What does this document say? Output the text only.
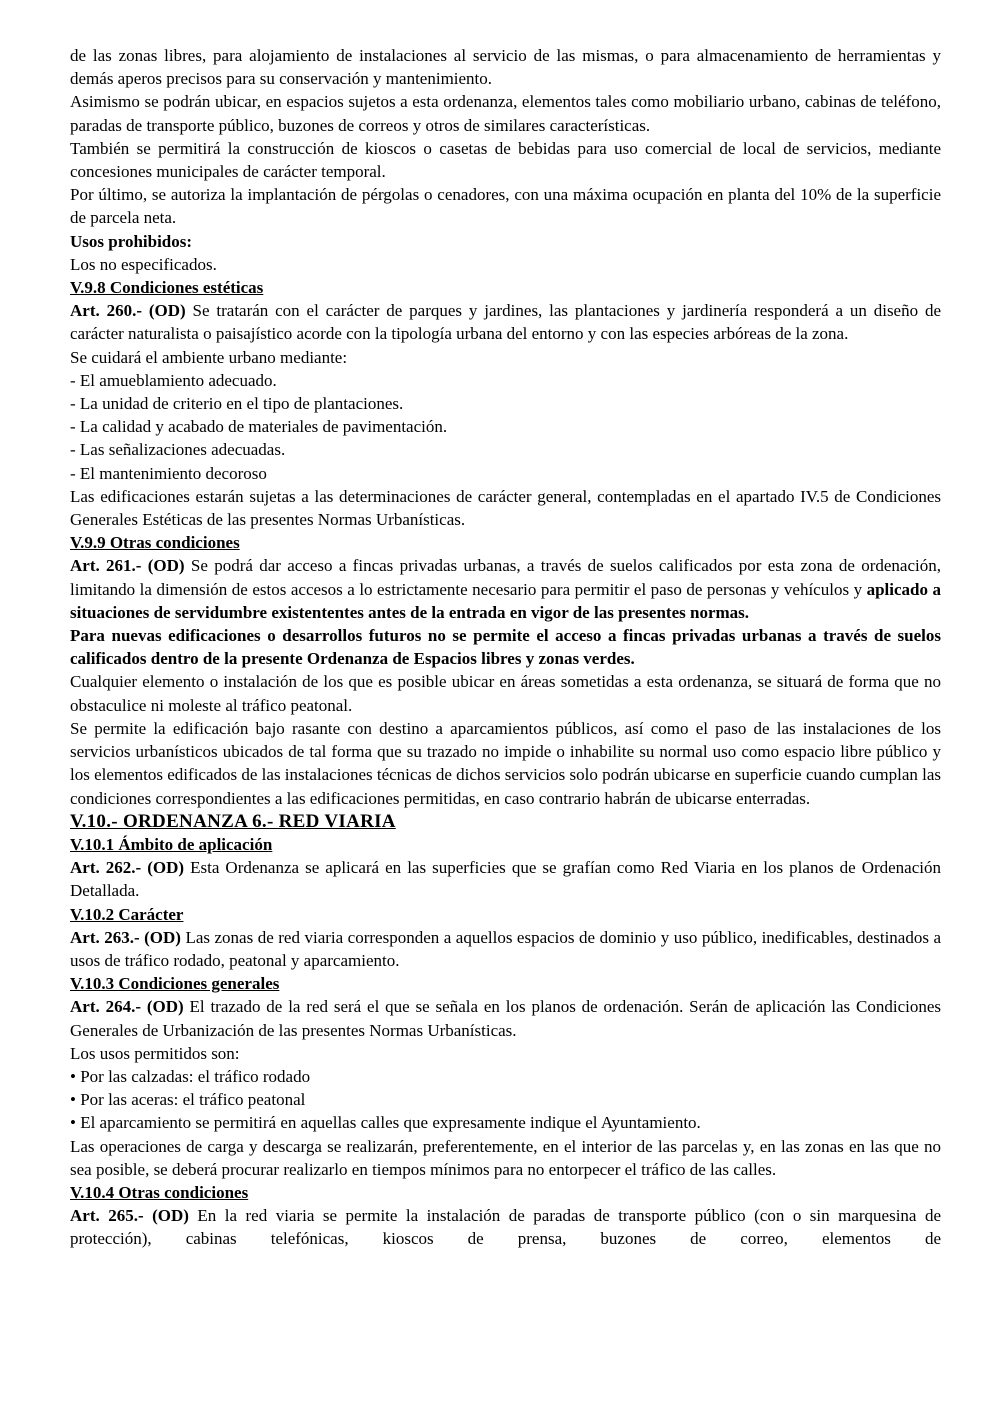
de las zonas libres, para alojamiento de instalaciones al servicio de las mismas, o para almacenamiento de herramientas y demás aperos precisos para su conservación y mantenimiento.

Asimismo se podrán ubicar, en espacios sujetos a esta ordenanza, elementos tales como mobiliario urbano, cabinas de teléfono, paradas de transporte público, buzones de correos y otros de similares características.

También se permitirá la construcción de kioscos o casetas de bebidas para uso comercial de local de servicios, mediante concesiones municipales de carácter temporal.

Por último, se autoriza la implantación de pérgolas o cenadores, con una máxima ocupación en planta del 10% de la superficie de parcela neta.

Usos prohibidos:

Los no especificados.

V.9.8 Condiciones estéticas

Art. 260.- (OD) Se tratarán con el carácter de parques y jardines, las plantaciones y jardinería responderá a un diseño de carácter naturalista o paisajístico acorde con la tipología urbana del entorno y con las especies arbóreas de la zona.

Se cuidará el ambiente urbano mediante:

- El amueblamiento adecuado.

- La unidad de criterio en el tipo de plantaciones.

- La calidad y acabado de materiales de pavimentación.

- Las señalizaciones adecuadas.

- El mantenimiento decoroso

Las edificaciones estarán sujetas a las determinaciones de carácter general, contempladas en el apartado IV.5 de Condiciones Generales Estéticas de las presentes Normas Urbanísticas.

V.9.9 Otras condiciones

Art. 261.- (OD) Se podrá dar acceso a fincas privadas urbanas, a través de suelos calificados por esta zona de ordenación, limitando la dimensión de estos accesos a lo estrictamente necesario para permitir el paso de personas y vehículos y aplicado a situaciones de servidumbre existententes antes de la entrada en vigor de las presentes normas.

Para nuevas edificaciones o desarrollos futuros no se permite el acceso a fincas privadas urbanas a través de suelos calificados dentro de la presente Ordenanza de Espacios libres y zonas verdes.

Cualquier elemento o instalación de los que es posible ubicar en áreas sometidas a esta ordenanza, se situará de forma que no obstaculice ni moleste al tráfico peatonal.

Se permite la edificación bajo rasante con destino a aparcamientos públicos, así como el paso de las instalaciones de los servicios urbanísticos ubicados de tal forma que su trazado no impide o inhabilite su normal uso como espacio libre público y los elementos edificados de las instalaciones técnicas de dichos servicios solo podrán ubicarse en superficie cuando cumplan las condiciones correspondientes a las edificaciones permitidas, en caso contrario habrán de ubicarse enterradas.

V.10.- ORDENANZA 6.- RED VIARIA

V.10.1 Ámbito de aplicación

Art. 262.- (OD) Esta Ordenanza se aplicará en las superficies que se grafían como Red Viaria en los planos de Ordenación Detallada.

V.10.2 Carácter

Art. 263.- (OD) Las zonas de red viaria corresponden a aquellos espacios de dominio y uso público, inedificables, destinados a usos de tráfico rodado, peatonal y aparcamiento.

V.10.3 Condiciones generales

Art. 264.- (OD) El trazado de la red será el que se señala en los planos de ordenación. Serán de aplicación las Condiciones Generales de Urbanización de las presentes Normas Urbanísticas.

Los usos permitidos son:

• Por las calzadas: el tráfico rodado

• Por las aceras: el tráfico peatonal

• El aparcamiento se permitirá en aquellas calles que expresamente indique el Ayuntamiento.

Las operaciones de carga y descarga se realizarán, preferentemente, en el interior de las parcelas y, en las zonas en las que no sea posible, se deberá procurar realizarlo en tiempos mínimos para no entorpecer el tráfico de las calles.

V.10.4 Otras condiciones

Art. 265.- (OD) En la red viaria se permite la instalación de paradas de transporte público (con o sin marquesina de protección), cabinas telefónicas, kioscos de prensa, buzones de correo, elementos de
